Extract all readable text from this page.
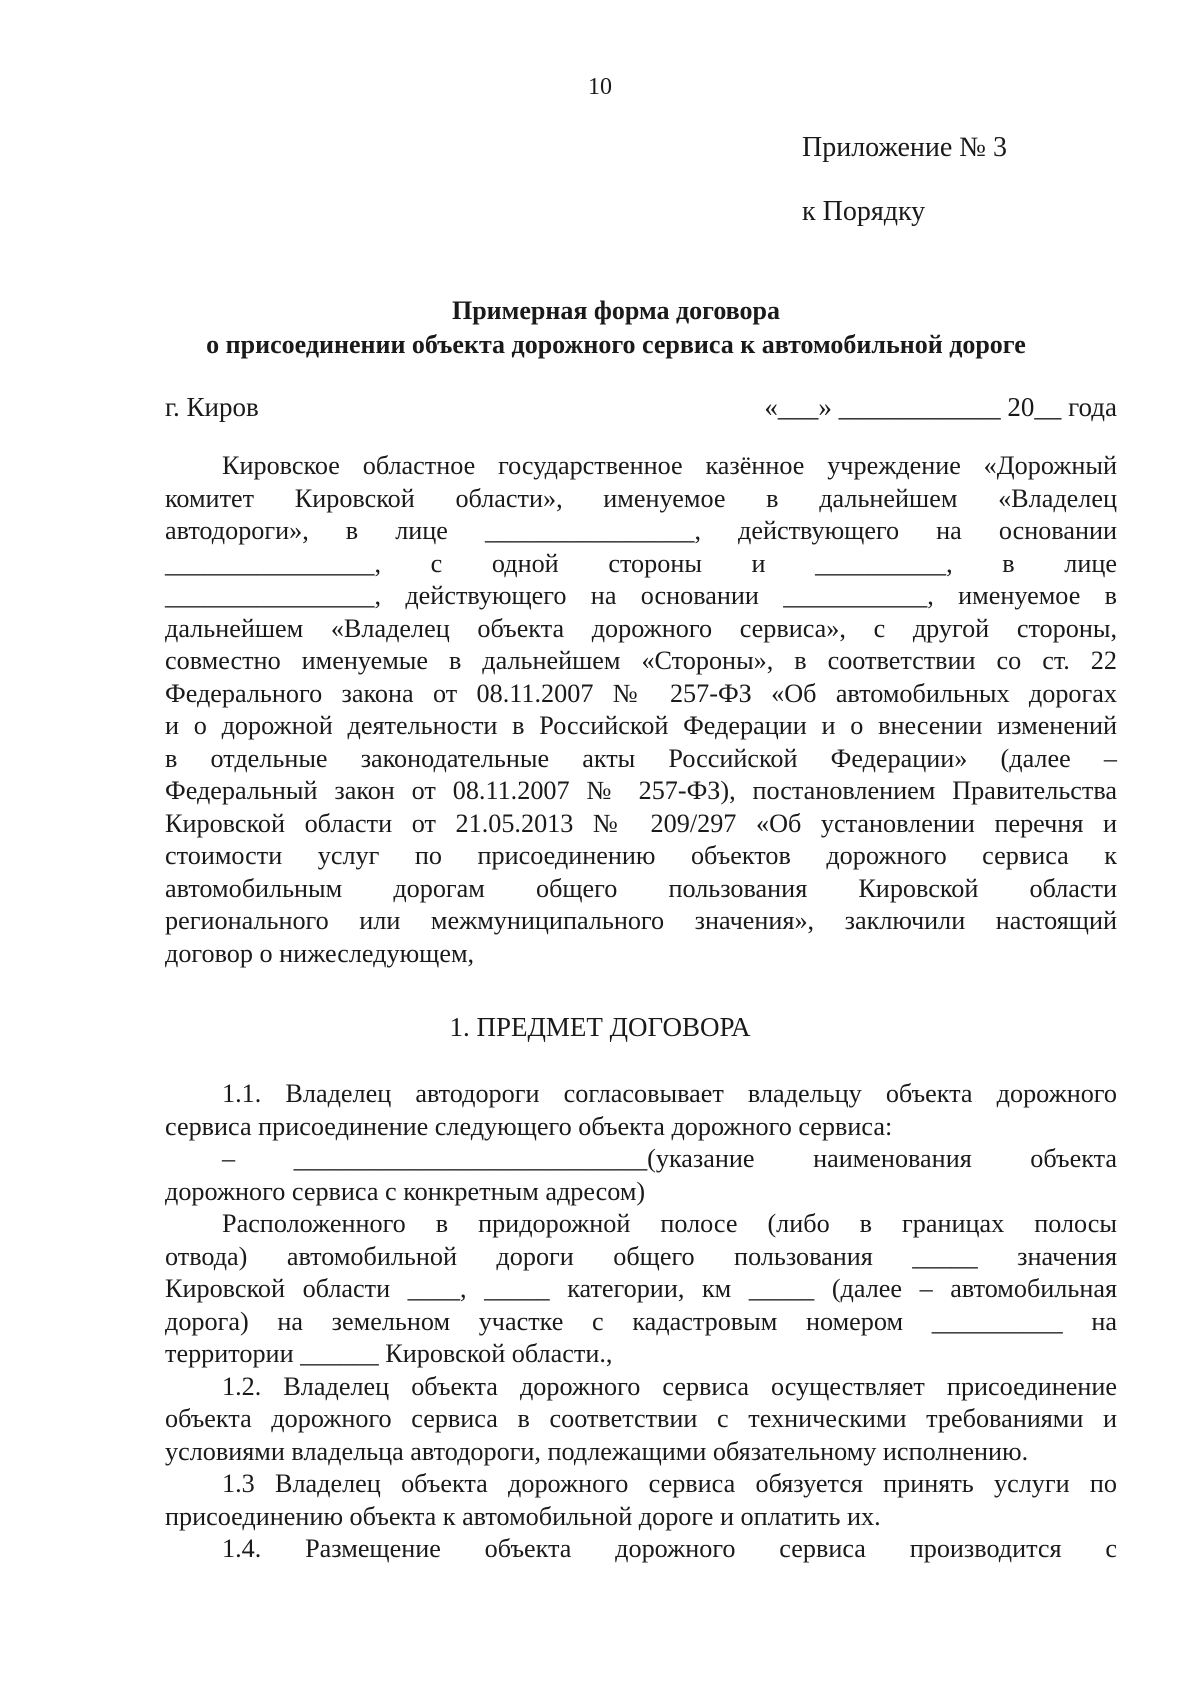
10
Приложение № 3
к Порядку
Примерная форма договора
о присоединении объекта дорожного сервиса к автомобильной дороге
г. Киров	«___» ____________ 20__ года
Кировское областное государственное казённое учреждение «Дорожный
комитет Кировской области», именуемое в дальнейшем «Владелец
автодороги», в лице ________________, действующего на основании
________________, с одной стороны и __________, в лице
________________, действующего на основании ___________, именуемое в
дальнейшем «Владелец объекта дорожного сервиса», с другой стороны,
совместно именуемые в дальнейшем «Стороны», в соответствии со ст. 22
Федерального закона от 08.11.2007 № 257-ФЗ «Об автомобильных дорогах
и о дорожной деятельности в Российской Федерации и о внесении изменений
в отдельные законодательные акты Российской Федерации» (далее –
Федеральный закон от 08.11.2007 № 257-ФЗ), постановлением Правительства
Кировской области от 21.05.2013 № 209/297 «Об установлении перечня и
стоимости услуг по присоединению объектов дорожного сервиса к
автомобильным дорогам общего пользования Кировской области
регионального или межмуниципального значения», заключили настоящий
договор о нижеследующем,
1. ПРЕДМЕТ ДОГОВОРА
1.1. Владелец автодороги согласовывает владельцу объекта дорожного
сервиса присоединение следующего объекта дорожного сервиса:
– ___________________________(указание наименования объекта
дорожного сервиса с конкретным адресом)
Расположенного в придорожной полосе (либо в границах полосы
отвода) автомобильной дороги общего пользования _____ значения
Кировской области ____, _____ категории, км _____ (далее – автомобильная
дорога) на земельном участке с кадастровым номером __________ на
территории ______ Кировской области.,
1.2. Владелец объекта дорожного сервиса осуществляет присоединение
объекта дорожного сервиса в соответствии с техническими требованиями и
условиями владельца автодороги, подлежащими обязательному исполнению.
1.3 Владелец объекта дорожного сервиса обязуется принять услуги по
присоединению объекта к автомобильной дороге и оплатить их.
1.4. Размещение объекта дорожного сервиса производится с
